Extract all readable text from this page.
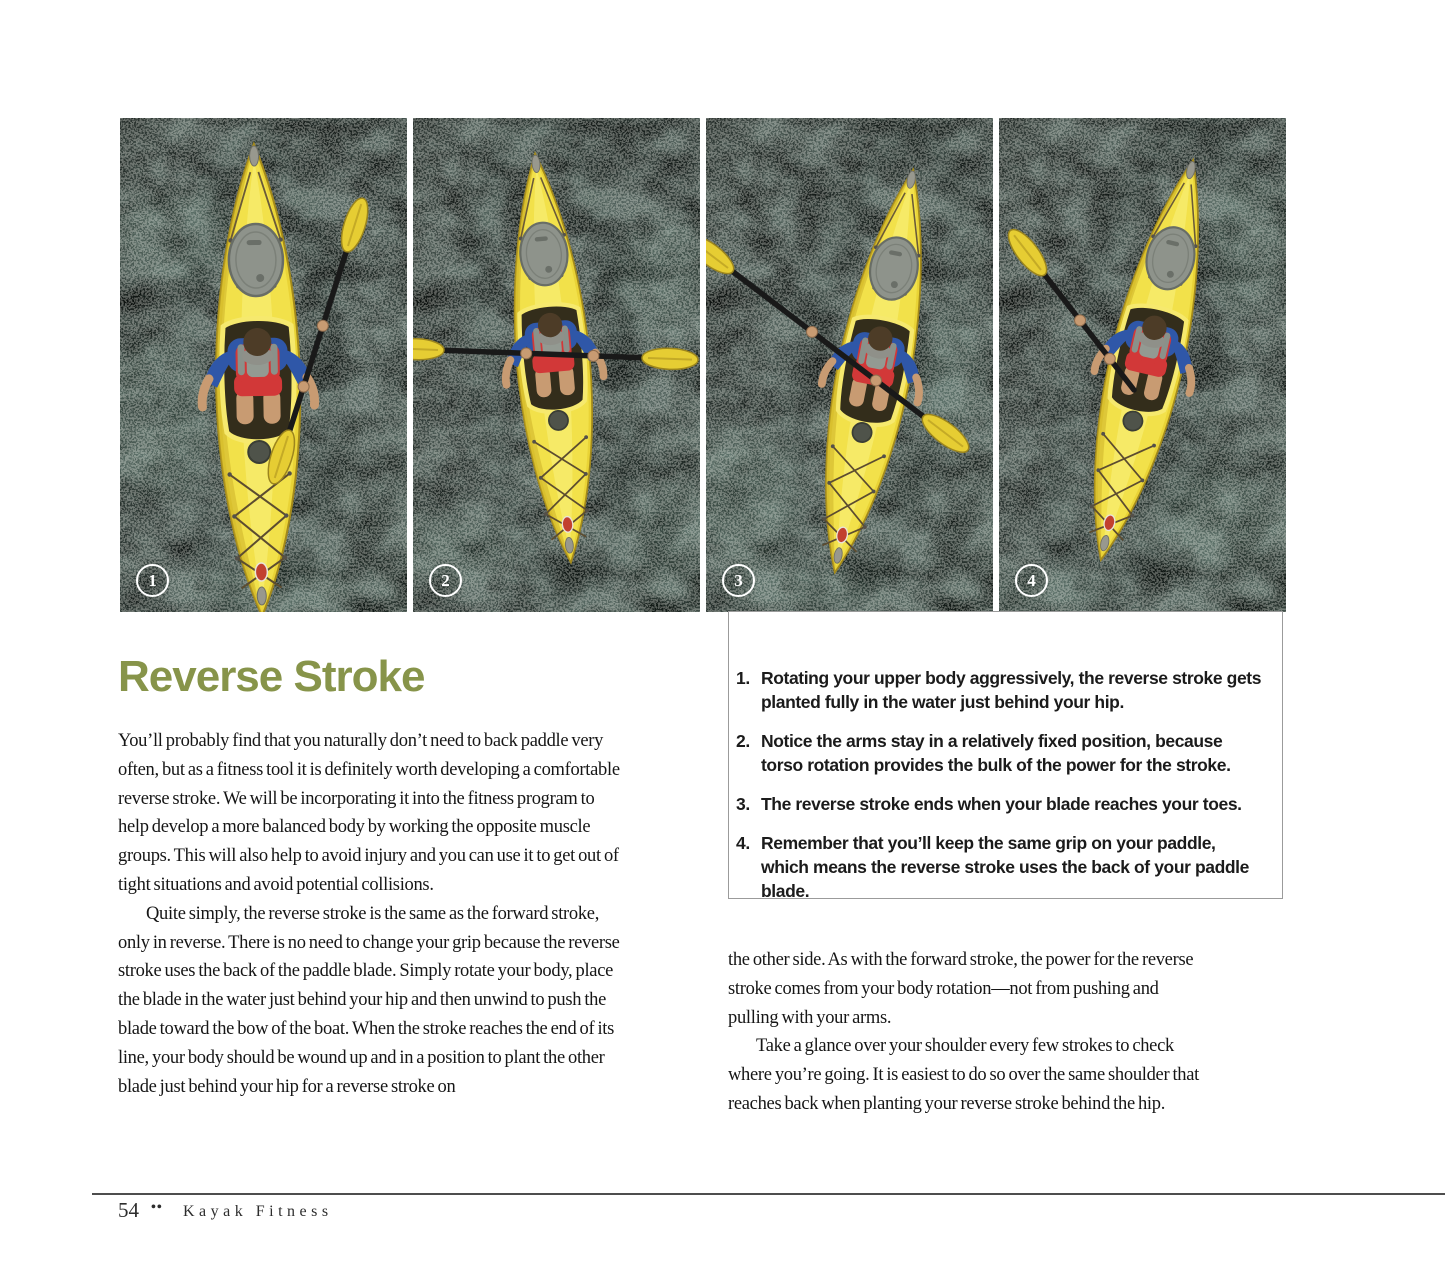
1	2	3	4
Reverse Stroke

You’ll probably find that you naturally don’t need to back paddle very often, but as a fitness tool it is definitely worth developing a comfortable reverse stroke. We will be incorporating it into the fitness program to help develop a more balanced body by working the opposite muscle groups. This will also help to avoid injury and you can use it to get out of tight situations and avoid potential collisions.

Quite simply, the reverse stroke is the same as the forward stroke, only in reverse. There is no need to change your grip because the reverse stroke uses the back of the paddle blade. Simply rotate your body, place the blade in the water just behind your hip and then unwind to push the blade toward the bow of the boat. When the stroke reaches the end of its line, your body should be wound up and in a position to plant the other blade just behind your hip for a reverse stroke on

1. Rotating your upper body aggressively, the reverse stroke gets planted fully in the water just behind your hip.
2. Notice the arms stay in a relatively fixed position, because torso rotation provides the bulk of the power for the stroke.
3. The reverse stroke ends when your blade reaches your toes.
4. Remember that you’ll keep the same grip on your paddle, which means the reverse stroke uses the back of your paddle blade.

the other side. As with the forward stroke, the power for the reverse stroke comes from your body rotation—not from pushing and pulling with your arms.

Take a glance over your shoulder every few strokes to check where you’re going. It is easiest to do so over the same shoulder that reaches back when planting your reverse stroke behind the hip.

54 •• Kayak Fitness
